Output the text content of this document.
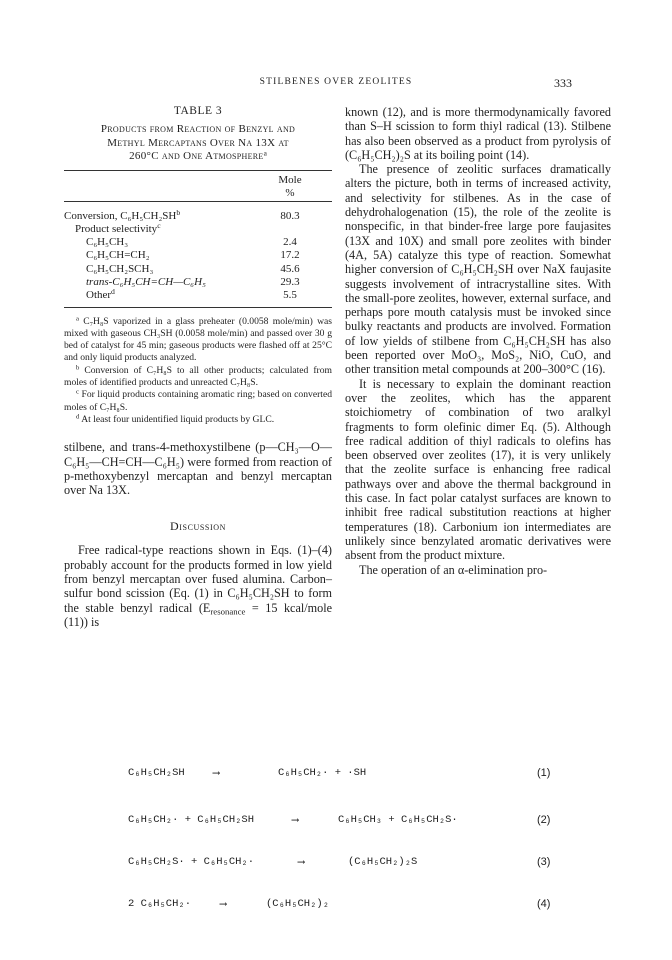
STILBENES OVER ZEOLITES	333
TABLE 3
Products from Reaction of Benzyl and
Methyl Mercaptans Over Na 13X at
260°C and One Atmosphere$^a$
Mole
%
Conversion, $C_6H_5CH_2SH^b$	80.3
Product selectivity$^c$
C₆H₅CH₃	2.4
C₆H₅CH=CH₂	17.2
C₆H₅CH₂SCH₃	45.6
trans-C₆H₅CH=CH—C₆H₅	29.3
Other$^d$	5.5

$^a$ C₇H₈S vaporized in a glass preheater (0.0058 mole/min) was mixed with gaseous CH₃SH (0.0058 mole/min) and passed over 30 g bed of catalyst for 45 min; gaseous products were flashed off at 25°C and only liquid products analyzed.

$^b$ Conversion of C₇H₈S to all other products; calculated from moles of identified products and unreacted C₇H₈S.

$^c$ For liquid products containing aromatic ring; based on converted moles of C₇H₈S.

$^d$ At least four unidentified liquid products by GLC.

stilbene, and trans-4-methoxystilbene (p—CH₃—O—C₆H₅—CH=CH—C₆H₅) were formed from reaction of p-methoxybenzyl mercaptan and benzyl mercaptan over Na 13X.

Discussion

Free radical-type reactions shown in Eqs. (1)–(4) probably account for the products formed in low yield from benzyl mercaptan over fused alumina. Carbon–sulfur bond scission (Eq. (1) in C₆H₅CH₂SH to form the stable benzyl radical ($E_{resonance} = 15$ kcal/mole (11)) is

known (12), and is more thermodynamically favored than S–H scission to form thiyl radical (13). Stilbene has also been observed as a product from pyrolysis of (C₆H₅CH₂)₂S at its boiling point (14).

The presence of zeolitic surfaces dramatically alters the picture, both in terms of increased activity, and selectivity for stilbenes. As in the case of dehydrohalogenation (15), the role of the zeolite is nonspecific, in that binder-free large pore faujasites (13X and 10X) and small pore zeolites with binder (4A, 5A) catalyze this type of reaction. Somewhat higher conversion of C₆H₅CH₂SH over NaX faujasite suggests involvement of intracrystalline sites. With the small-pore zeolites, however, external surface, and perhaps pore mouth catalysis must be invoked since bulky reactants and products are involved. Formation of low yields of stilbene from C₆H₅CH₂SH has also been reported over MoO₃, MoS₂, NiO, CuO, and other transition metal compounds at 200–300°C (16).

It is necessary to explain the dominant reaction over the zeolites, which has the apparent stoichiometry of combination of two aralkyl fragments to form olefinic dimer Eq. (5). Although free radical addition of thiyl radicals to olefins has been observed over zeolites (17), it is very unlikely that the zeolite surface is enhancing free radical pathways over and above the thermal background in this case. In fact polar catalyst surfaces are known to inhibit free radical substitution reactions at higher temperatures (18). Carbonium ion intermediates are unlikely since benzylated aromatic derivatives were absent from the product mixture.

The operation of an α-elimination pro-

C₆H₅CH₂SH	⟶	C₆H₅CH₂· + ·SH	(1)
C₆H₅CH₂· + C₆H₅CH₂SH	⟶	C₆H₅CH₃ + C₆H₅CH₂S·	(2)
C₆H₅CH₂S· + C₆H₅CH₂·	⟶	(C₆H₅CH₂)₂S	(3)
2 C₆H₅CH₂·	⟶	(C₆H₅CH₂)₂	(4)
